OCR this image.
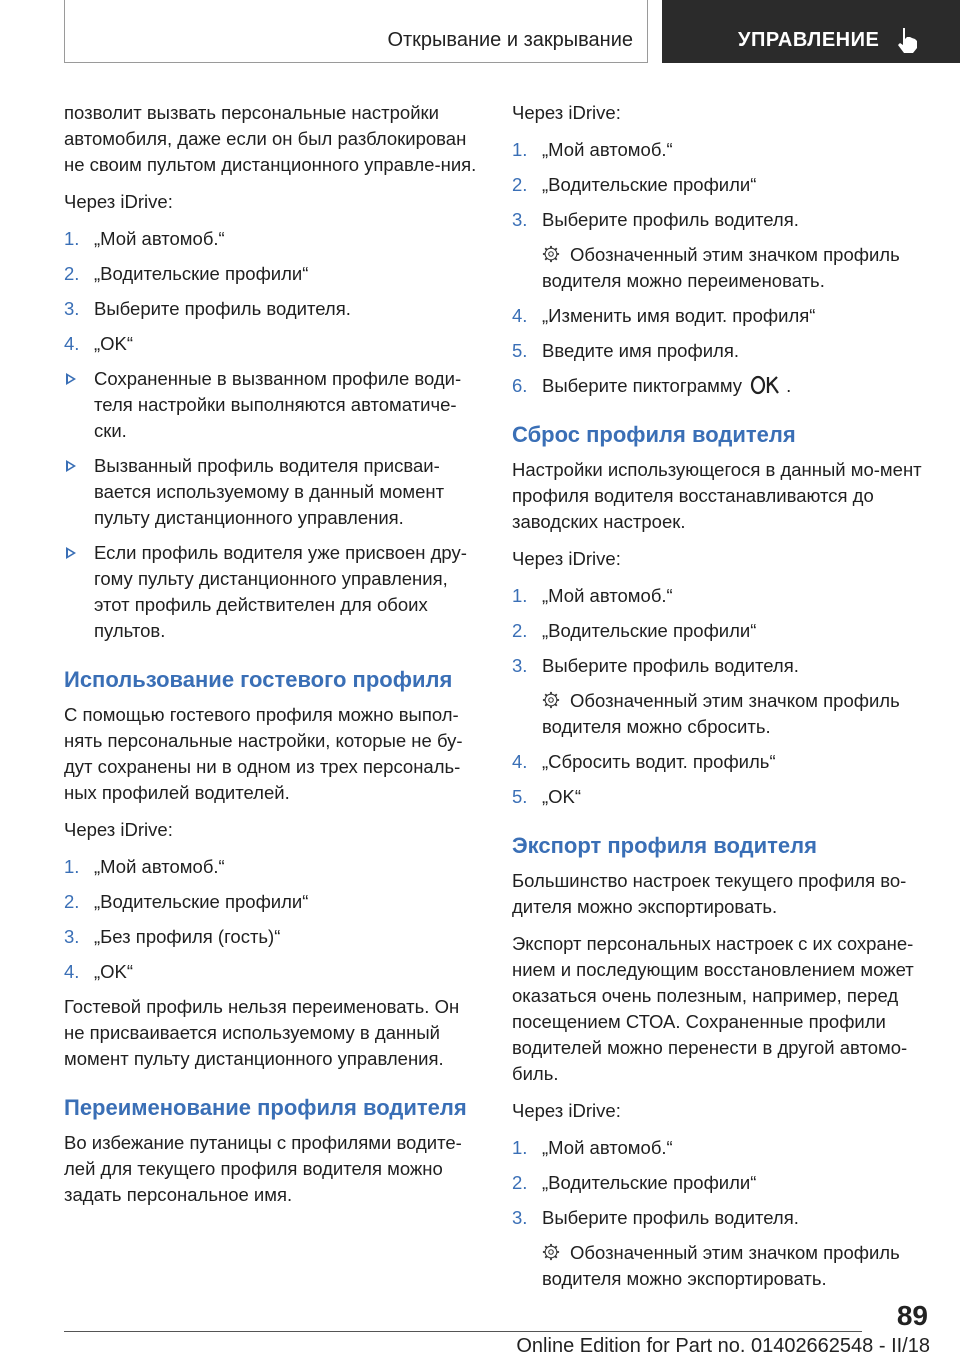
Открывание и закрывание	УПРАВЛЕНИЕ

позволит вызвать персональные настройки автомобиля, даже если он был разблокирован не своим пультом дистанционного управле-ния.

Через iDrive:

1. „Мой автомоб.“
2. „Водительские профили“
3. Выберите профиль водителя.
4. „OK“
Сохраненные в вызванном профиле води-теля настройки выполняются автоматиче-ски.
Вызванный профиль водителя присваи-вается используемому в данный момент пульту дистанционного управления.
Если профиль водителя уже присвоен дру-гому пульту дистанционного управления, этот профиль действителен для обоих пультов.
Использование гостевого профиля

С помощью гостевого профиля можно выпол-нять персональные настройки, которые не бу-дут сохранены ни в одном из трех персональ-ных профилей водителей.

Через iDrive:

1. „Мой автомоб.“
2. „Водительские профили“
3. „Без профиля (гость)“
4. „OK“

Гостевой профиль нельзя переименовать. Он не присваивается используемому в данный момент пульту дистанционного управления.

Переименование профиля водителя

Во избежание путаницы с профилями водите-лей для текущего профиля водителя можно задать персональное имя.

Через iDrive:

1. „Мой автомоб.“
2. „Водительские профили“
3. Выберите профиль водителя.
Обозначенный этим значком профиль водителя можно переименовать.
4. „Изменить имя водит. профиля“
5. Введите имя профиля.
6. Выберите пиктограмму .
Сброс профиля водителя

Настройки использующегося в данный мо-мент профиля водителя восстанавливаются до заводских настроек.

Через iDrive:

1. „Мой автомоб.“
2. „Водительские профили“
3. Выберите профиль водителя.
Обозначенный этим значком профиль водителя можно сбросить.
4. „Сбросить водит. профиль“
5. „OK“
Экспорт профиля водителя

Большинство настроек текущего профиля во-дителя можно экспортировать.

Экспорт персональных настроек с их сохране-нием и последующим восстановлением может оказаться очень полезным, например, перед посещением СТОА. Сохраненные профили водителей можно перенести в другой автомо-биль.

Через iDrive:

1. „Мой автомоб.“
2. „Водительские профили“
3. Выберите профиль водителя.
Обозначенный этим значком профиль водителя можно экспортировать.
89
Online Edition for Part no. 01402662548 - II/18
